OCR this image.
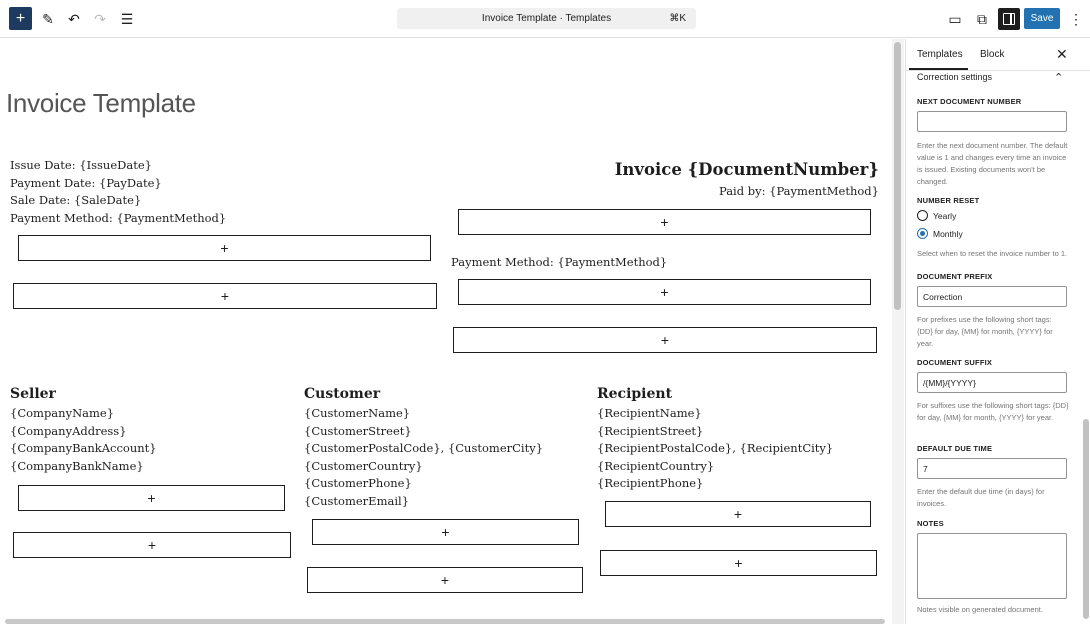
+ ✎ ↶ ↷ ☰	Invoice Template · Templates	⌘K	▭ ⧉	Save	⋮
Invoice Template
Issue Date: {IssueDate}
Payment Date: {PayDate}
Sale Date: {SaleDate}
Payment Method: {PaymentMethod}
Invoice {DocumentNumber}
Paid by: {PaymentMethod}
+
+
+
Payment Method: {PaymentMethod}
+
+
Seller
{CompanyName}
{CompanyAddress}
{CompanyBankAccount}
{CompanyBankName}
+
+
Customer
{CustomerName}
{CustomerStreet}
{CustomerPostalCode}, {CustomerCity}
{CustomerCountry}
{CustomerPhone}
{CustomerEmail}
+
+
Recipient
{RecipientName}
{RecipientStreet}
{RecipientPostalCode}, {RecipientCity}
{RecipientCountry}
{RecipientPhone}
+
+
Templates Block	✕
Correction settings	⌃
NEXT DOCUMENT NUMBER
Enter the next document number. The default value is 1 and changes every time an invoice is issued. Existing documents won't be changed.
NUMBER RESET
Yearly
Monthly
Select when to reset the invoice number to 1.
DOCUMENT PREFIX
Correction
For prefixes use the following short tags: {DD} for day, {MM} for month, {YYYY} for year.
DOCUMENT SUFFIX
/{MM}/{YYYY}
For suffixes use the following short tags: {DD} for day, {MM} for month, {YYYY} for year.
DEFAULT DUE TIME
7
Enter the default due time (in days) for invoices.
NOTES
Notes visible on generated document.
